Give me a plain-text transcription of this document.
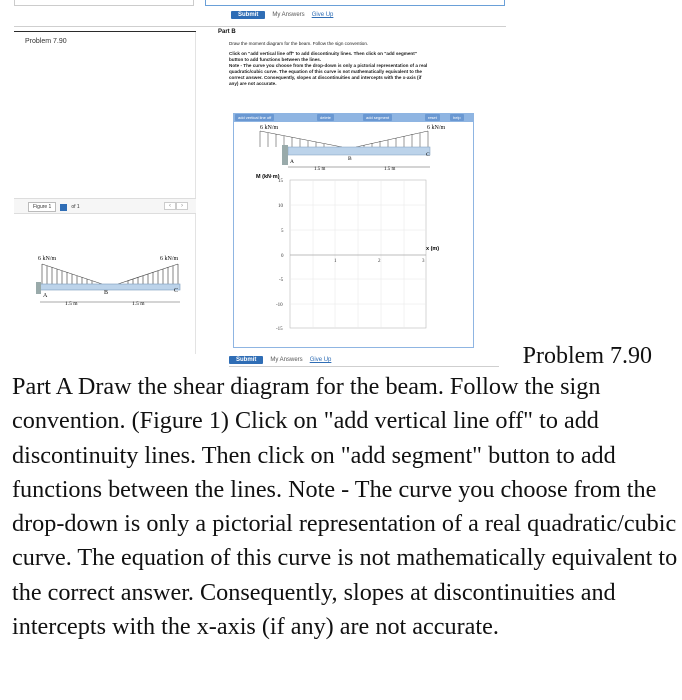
Submit	My Answers Give Up
Problem 7.90
Figure 1	of 1	‹	›
6 kN/m	6 kN/m
A	B	C
1.5 m	1.5 m
Part B
Draw the moment diagram for the beam. Follow the sign convention.
Click on "add vertical line off" to add discontinuity lines. Then click on "add segment"
button to add functions between the lines.
Note - The curve you choose from the drop-down is only a pictorial representation of a real
quadratic/cubic curve. The equation of this curve is not mathematically equivalent to the
correct answer. Consequently, slopes at discontinuities and intercepts with the x-axis (if
any) are not accurate.
add vertical line off	delete	add segment	reset	help
6 kN/m	6 kN/m
A	B
C
1.5 m	1.5 m
M (kN·m)
x (m)
15
10
5
0
-5
-10
-15
1	2	3
Submit	My Answers Give Up	Problem 7.90
Part A Draw the shear diagram for the beam. Follow the sign convention. (Figure 1) Click on "add vertical line off" to add discontinuity lines. Then click on "add segment" button to add functions between the lines. Note - The curve you choose from the drop-down is only a pictorial representation of a real quadratic/cubic curve. The equation of this curve is not mathematically equivalent to the correct answer. Consequently, slopes at discontinuities and intercepts with the x-axis (if any) are not accurate.
